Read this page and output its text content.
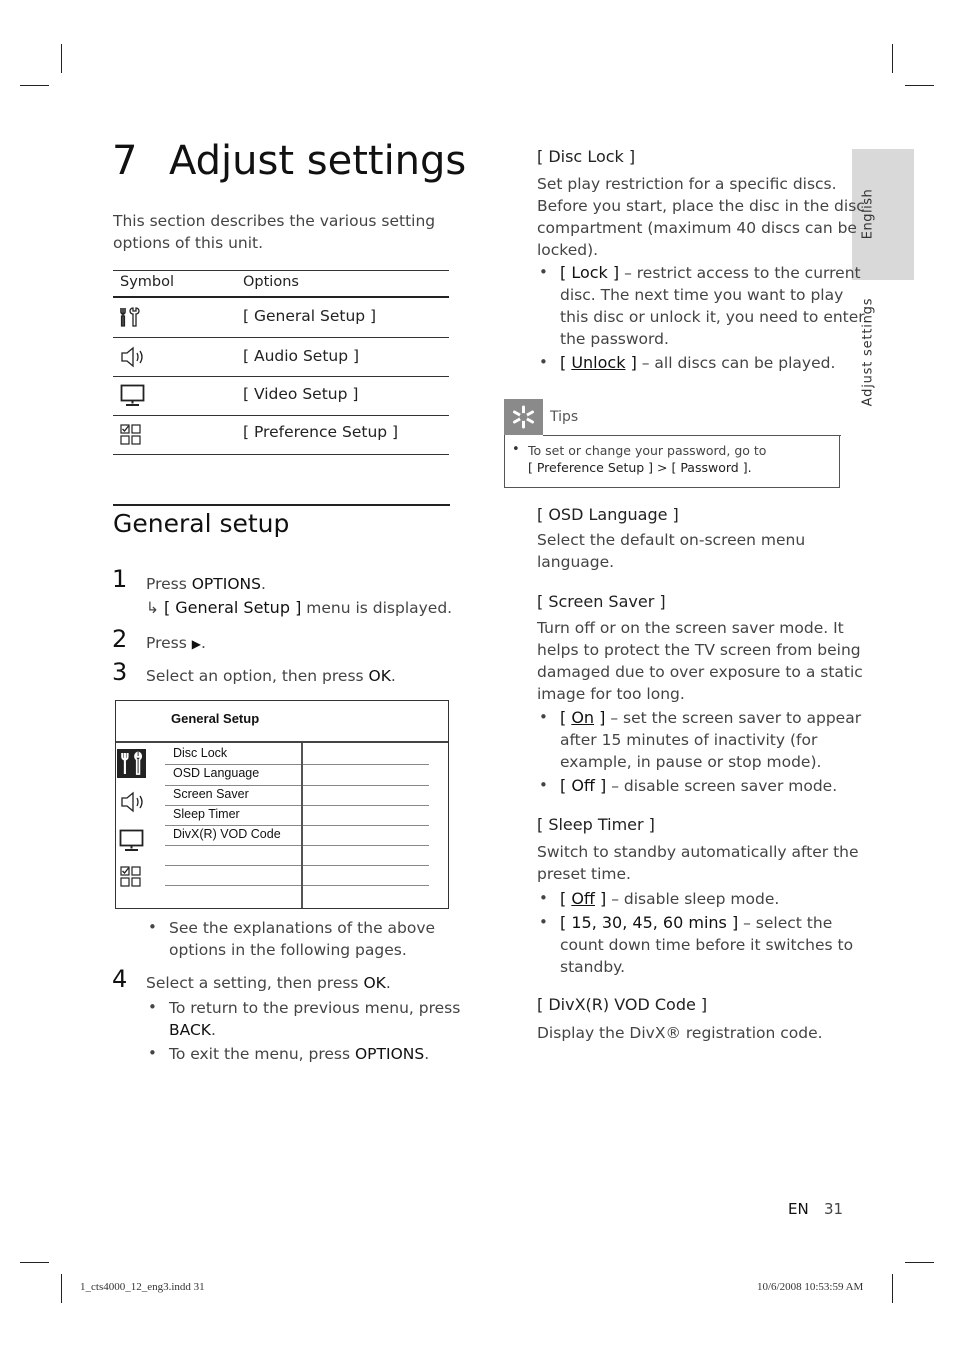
English
Adjust settings
7 Adjust settings
This section describes the various setting
options of this unit.
Symbol	Options
[ General Setup ]
[ Audio Setup ]
[ Video Setup ]
[ Preference Setup ]
General setup
1 Press OPTIONS.
↳ [ General Setup ] menu is displayed.
2 Press ▶.
3 Select an option, then press OK.
General Setup
Disc Lock
OSD Language
Screen Saver
Sleep Timer
DivX(R) VOD Code
• See the explanations of the above
options in the following pages.
4 Select a setting, then press OK.
• To return to the previous menu, press
BACK.
• To exit the menu, press OPTIONS.
[ Disc Lock ]
Set play restriction for a specific discs.
Before you start, place the disc in the disc
compartment (maximum 40 discs can be
locked).
• [ Lock ] – restrict access to the current
disc. The next time you want to play
this disc or unlock it, you need to enter
the password.
• [ Unlock ] – all discs can be played.
Tips
• To set or change your password, go to
[ Preference Setup ] > [ Password ].
[ OSD Language ]
Select the default on-screen menu
language.
[ Screen Saver ]
Turn off or on the screen saver mode. It
helps to protect the TV screen from being
damaged due to over exposure to a static
image for too long.
• [ On ] – set the screen saver to appear
after 15 minutes of inactivity (for
example, in pause or stop mode).
• [ Off ] – disable screen saver mode.
[ Sleep Timer ]
Switch to standby automatically after the
preset time.
• [ Off ] – disable sleep mode.
• [ 15, 30, 45, 60 mins ] – select the
count down time before it switches to
standby.
[ DivX(R) VOD Code ]
Display the DivX® registration code.
EN 31
1_cts4000_12_eng3.indd 31	10/6/2008 10:53:59 AM
